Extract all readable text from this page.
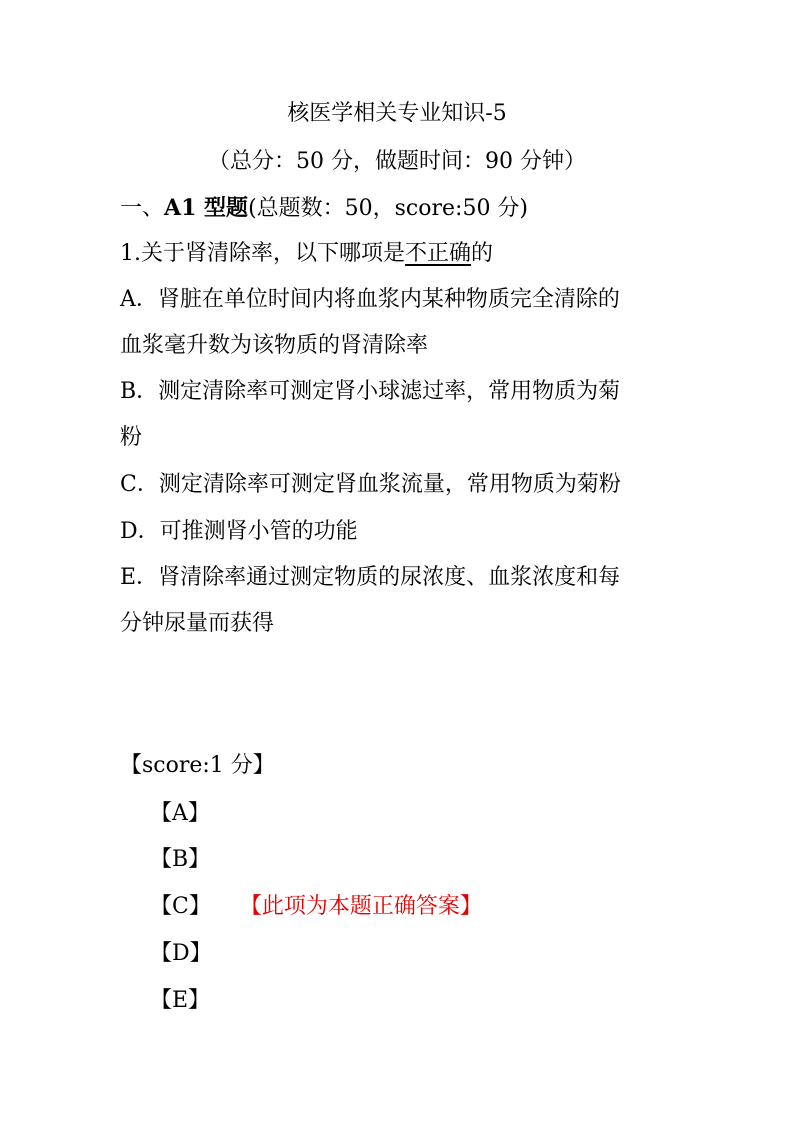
核医学相关专业知识-5
（总分：50 分，做题时间：90 分钟）
一、A1 型题(总题数：50，score:50 分)
1.关于肾清除率，以下哪项是不正确的
A．肾脏在单位时间内将血浆内某种物质完全清除的
血浆毫升数为该物质的肾清除率
B．测定清除率可测定肾小球滤过率，常用物质为菊
粉
C．测定清除率可测定肾血浆流量，常用物质为菊粉
D．可推测肾小管的功能
E．肾清除率通过测定物质的尿浓度、血浆浓度和每
分钟尿量而获得
【score:1 分】
【A】
【B】
【C】 【此项为本题正确答案】
【D】
【E】
